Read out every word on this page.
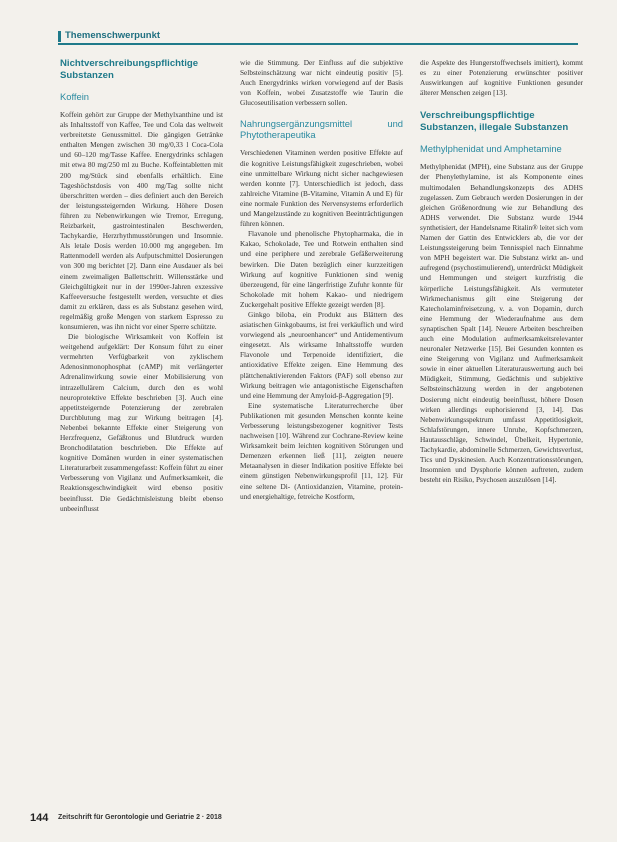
Themenschwerpunkt
Nichtverschreibungspflichtige Substanzen
Koffein

Koffein gehört zur Gruppe der Methylxanthine und ist als Inhaltsstoff von Kaffee, Tee und Cola das weltweit verbreitetste Genussmittel. Die gängigen Getränke enthalten Mengen zwischen 30 mg/0,33 l Coca-Cola und 60–120 mg/Tasse Kaffee. Energydrinks schlagen mit etwa 80 mg/250 ml zu Buche. Koffeintabletten mit 200 mg/Stück sind ebenfalls erhältlich. Eine Tageshöchstdosis von 400 mg/Tag sollte nicht überschritten werden – dies definiert auch den Bereich der leistungssteigernden Wirkung. Höhere Dosen führen zu Nebenwirkungen wie Tremor, Erregung, Reizbarkeit, gastrointestinalen Beschwerden, Tachykardie, Herzrhythmusstörungen und Insomnie. Als letale Dosis werden 10.000 mg angegeben. Im Rattenmodell werden als Aufputschmittel Dosierungen von 300 mg berichtet [2]. Dann eine Ausdauer als bei einem zweimaligen Ballettschritt. Willensstärke und Gleichgültigkeit nur in der 1990er-Jahren exzessive Kaffeeversuche festgestellt werden, versuchte et dies damit zu erklären, dass es als Substanz gesehen wird, regelmäßig große Mengen von starkem Espresso zu konsumieren, was ihn nicht vor einer Sperre schützte.

Die biologische Wirksamkeit von Koffein ist weitgehend aufgeklärt: Der Konsum führt zu einer vermehrten Verfügbarkeit von zyklischem Adenosinmonophosphat (cAMP) mit verlängerter Adrenalinwirkung sowie einer Mobilisierung von intrazellulärem Calcium, durch den es wohl neuroprotektive Effekte beschrieben [3]. Auch eine appetitsteigernde Potenzierung der zerebralen Durchblutung mag zur Wirkung beitragen [4]. Nebenbei bekannte Effekte einer Steigerung von Herzfrequenz, Gefäßtonus und Blutdruck wurden Bronchodilatation beschrieben. Die Effekte auf kognitive Domänen wurden in einer systematischen Literaturarbeit zusammengefasst: Koffein führt zu einer Verbesserung von Vigilanz und Aufmerksamkeit, die Reaktionsgeschwindigkeit wird ebenso positiv beeinflusst. Die Gedächtnisleistung bleibt ebenso unbeeinflusst

wie die Stimmung. Der Einfluss auf die subjektive Selbsteinschätzung war nicht eindeutig positiv [5]. Auch Energydrinks wirken vorwiegend auf der Basis von Koffein, wobei Zusatzstoffe wie Taurin die Glucoseutilisation verbessern sollen.

Nahrungsergänzungsmittel und Phytotherapeutika

Verschiedenen Vitaminen werden positive Effekte auf die kognitive Leistungsfähigkeit zugeschrieben, wobei eine unmittelbare Wirkung nicht sicher nachgewiesen werden konnte [7]. Unterschiedlich ist jedoch, dass zahlreiche Vitamine (B-Vitamine, Vitamin A und E) für eine normale Funktion des Nervensystems erforderlich und Mangelzustände zu kognitiven Beeinträchtigungen führen können.

Flavanole und phenolische Phytopharmaka, die in Kakao, Schokolade, Tee und Rotwein enthalten sind und eine periphere und zerebrale Gefäßerweiterung bewirken. Die Daten bezüglich einer kurzzeitigen Wirkung auf kognitive Funktionen sind wenig überzeugend, für eine längerfristige Zufuhr konnte für Schokolade mit hohem Kakao- und niedrigem Zuckergehalt positive Effekte gezeigt werden [8].

Ginkgo biloba, ein Produkt aus Blättern des asiatischen Ginkgobaums, ist frei verkäuflich und wird vorwiegend als „neuroenhancer“ und Antidementivum eingesetzt. Als wirksame Inhaltsstoffe wurden Flavonole und Terpenoide identifiziert, die antioxidative Effekte zeigen. Eine Hemmung des plättchenaktivierenden Faktors (PAF) soll ebenso zur Wirkung beitragen wie antagonistische Eigenschaften und eine Hemmung der Amyloid-β-Aggregation [9].

Eine systematische Literaturrecherche über Publikationen mit gesunden Menschen konnte keine Verbesserung leistungsbezogener kognitiver Tests nachweisen [10]. Während zur Cochrane-Review keine Wirksamkeit beim leichten kognitiven Störungen und Demenzen erkennen ließ [11], zeigten neuere Metaanalysen in dieser Indikation positive Effekte bei einem günstigen Nebenwirkungsprofil [11, 12]. Für eine seltene Di- (Antioxidanzien, Vitamine, protein- und energiehaltige, fetreiche Kostform,

die Aspekte des Hungerstoffwechsels imitiert), kommt es zu einer Potenzierung erwünschter positiver Auswirkungen auf kognitive Funktionen gesunder älterer Menschen zeigen [13].

Verschreibungspflichtige Substanzen, illegale Substanzen
Methylphenidat und Amphetamine

Methylphenidat (MPH), eine Substanz aus der Gruppe der Phenylethylamine, ist als Komponente eines multimodalen Behandlungskonzepts des ADHS zugelassen. Zum Gebrauch werden Dosierungen in der gleichen Größenordnung wie zur Behandlung des ADHS verwendet. Die Substanz wurde 1944 synthetisiert, der Handelsname Ritalin® leitet sich vom Namen der Gattin des Entwicklers ab, die vor der Leistungssteigerung beim Tennisspiel nach Einnahme von MPH begeistert war. Die Substanz wirkt an- und aufregend (psychostimulierend), unterdrückt Müdigkeit und Hemmungen und steigert kurzfristig die körperliche Leistungsfähigkeit. Als vermuteter Wirkmechanismus gilt eine Steigerung der Katecholaminfreisetzung, v. a. von Dopamin, durch eine Hemmung der Wiederaufnahme aus dem synaptischen Spalt [14]. Neuere Arbeiten beschreiben auch eine Modulation aufmerksamkeitsrelevanter neuronaler Netzwerke [15]. Bei Gesunden konnten es eine Steigerung von Vigilanz und Aufmerksamkeit sowie in einer aktuellen Literaturauswertung auch bei Müdigkeit, Stimmung, Gedächtnis und subjektive Selbsteinschätzung werden in der angebotenen Dosierung nicht eindeutig beeinflusst, höhere Dosen wirken allerdings euphorisierend [3, 14]. Das Nebenwirkungsspektrum umfasst Appetitlosigkeit, Schlafstörungen, innere Unruhe, Kopfschmerzen, Hautausschläge, Schwindel, Übelkeit, Hypertonie, Tachykardie, abdominelle Schmerzen, Gewichtsverlust, Tics und Dyskinesien. Auch Konzentrationsstörungen, Insomnien und Dysphorie können auftreten, zudem besteht ein Risiko, Psychosen auszulösen [14].

144 Zeitschrift für Gerontologie und Geriatrie 2 · 2018
